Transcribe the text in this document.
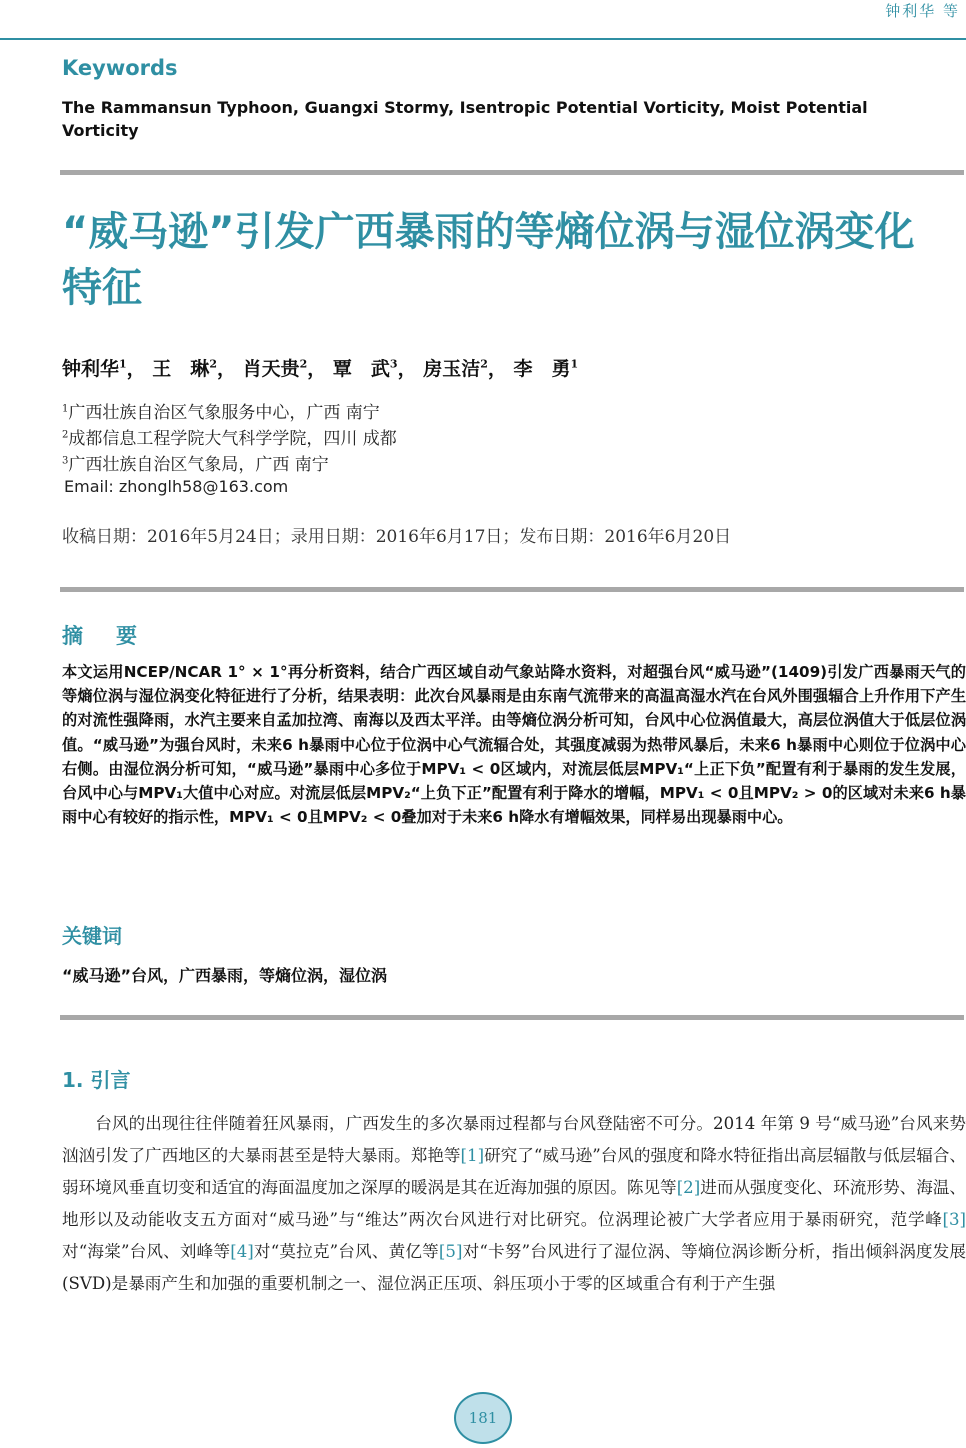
钟利华 等
Keywords
The Rammansun Typhoon, Guangxi Stormy, Isentropic Potential Vorticity, Moist Potential Vorticity
“威马逊”引发广西暴雨的等熵位涡与湿位涡变化特征
钟利华$^1$， 王　琳$^2$， 肖天贵$^2$， 覃　武$^3$， 房玉洁$^2$， 李　勇$^1$
$^1$广西壮族自治区气象服务中心，广西 南宁
$^2$成都信息工程学院大气科学学院，四川 成都
$^3$广西壮族自治区气象局，广西 南宁
Email: zhonglh58@163.com
收稿日期：2016年5月24日；录用日期：2016年6月17日；发布日期：2016年6月20日
摘　要
本文运用NCEP/NCAR 1° × 1°再分析资料，结合广西区域自动气象站降水资料，对超强台风“威马逊”(1409)引发广西暴雨天气的等熵位涡与湿位涡变化特征进行了分析，结果表明：此次台风暴雨是由东南气流带来的高温高湿水汽在台风外围强辐合上升作用下产生的对流性强降雨，水汽主要来自孟加拉湾、南海以及西太平洋。由等熵位涡分析可知，台风中心位涡值最大，高层位涡值大于低层位涡值。“威马逊”为强台风时，未来6 h暴雨中心位于位涡中心气流辐合处，其强度减弱为热带风暴后，未来6 h暴雨中心则位于位涡中心右侧。由湿位涡分析可知，“威马逊”暴雨中心多位于MPV₁ < 0区域内，对流层低层MPV₁“上正下负”配置有利于暴雨的发生发展，台风中心与MPV₁大值中心对应。对流层低层MPV₂“上负下正”配置有利于降水的增幅，MPV₁ < 0且MPV₂ > 0的区域对未来6 h暴雨中心有较好的指示性，MPV₁ < 0且MPV₂ < 0叠加对于未来6 h降水有增幅效果，同样易出现暴雨中心。
关键词
“威马逊”台风，广西暴雨，等熵位涡，湿位涡
1. 引言
台风的出现往往伴随着狂风暴雨，广西发生的多次暴雨过程都与台风登陆密不可分。2014 年第 9 号“威马逊”台风来势汹汹引发了广西地区的大暴雨甚至是特大暴雨。郑艳等[1]研究了“威马逊”台风的强度和降水特征指出高层辐散与低层辐合、弱环境风垂直切变和适宜的海面温度加之深厚的暖涡是其在近海加强的原因。陈见等[2]进而从强度变化、环流形势、海温、地形以及动能收支五方面对“威马逊”与“维达”两次台风进行对比研究。位涡理论被广大学者应用于暴雨研究，范学峰[3]对“海棠”台风、刘峰等[4]对“莫拉克”台风、黄亿等[5]对“卡努”台风进行了湿位涡、等熵位涡诊断分析，指出倾斜涡度发展(SVD)是暴雨产生和加强的重要机制之一、湿位涡正压项、斜压项小于零的区域重合有利于产生强
181
